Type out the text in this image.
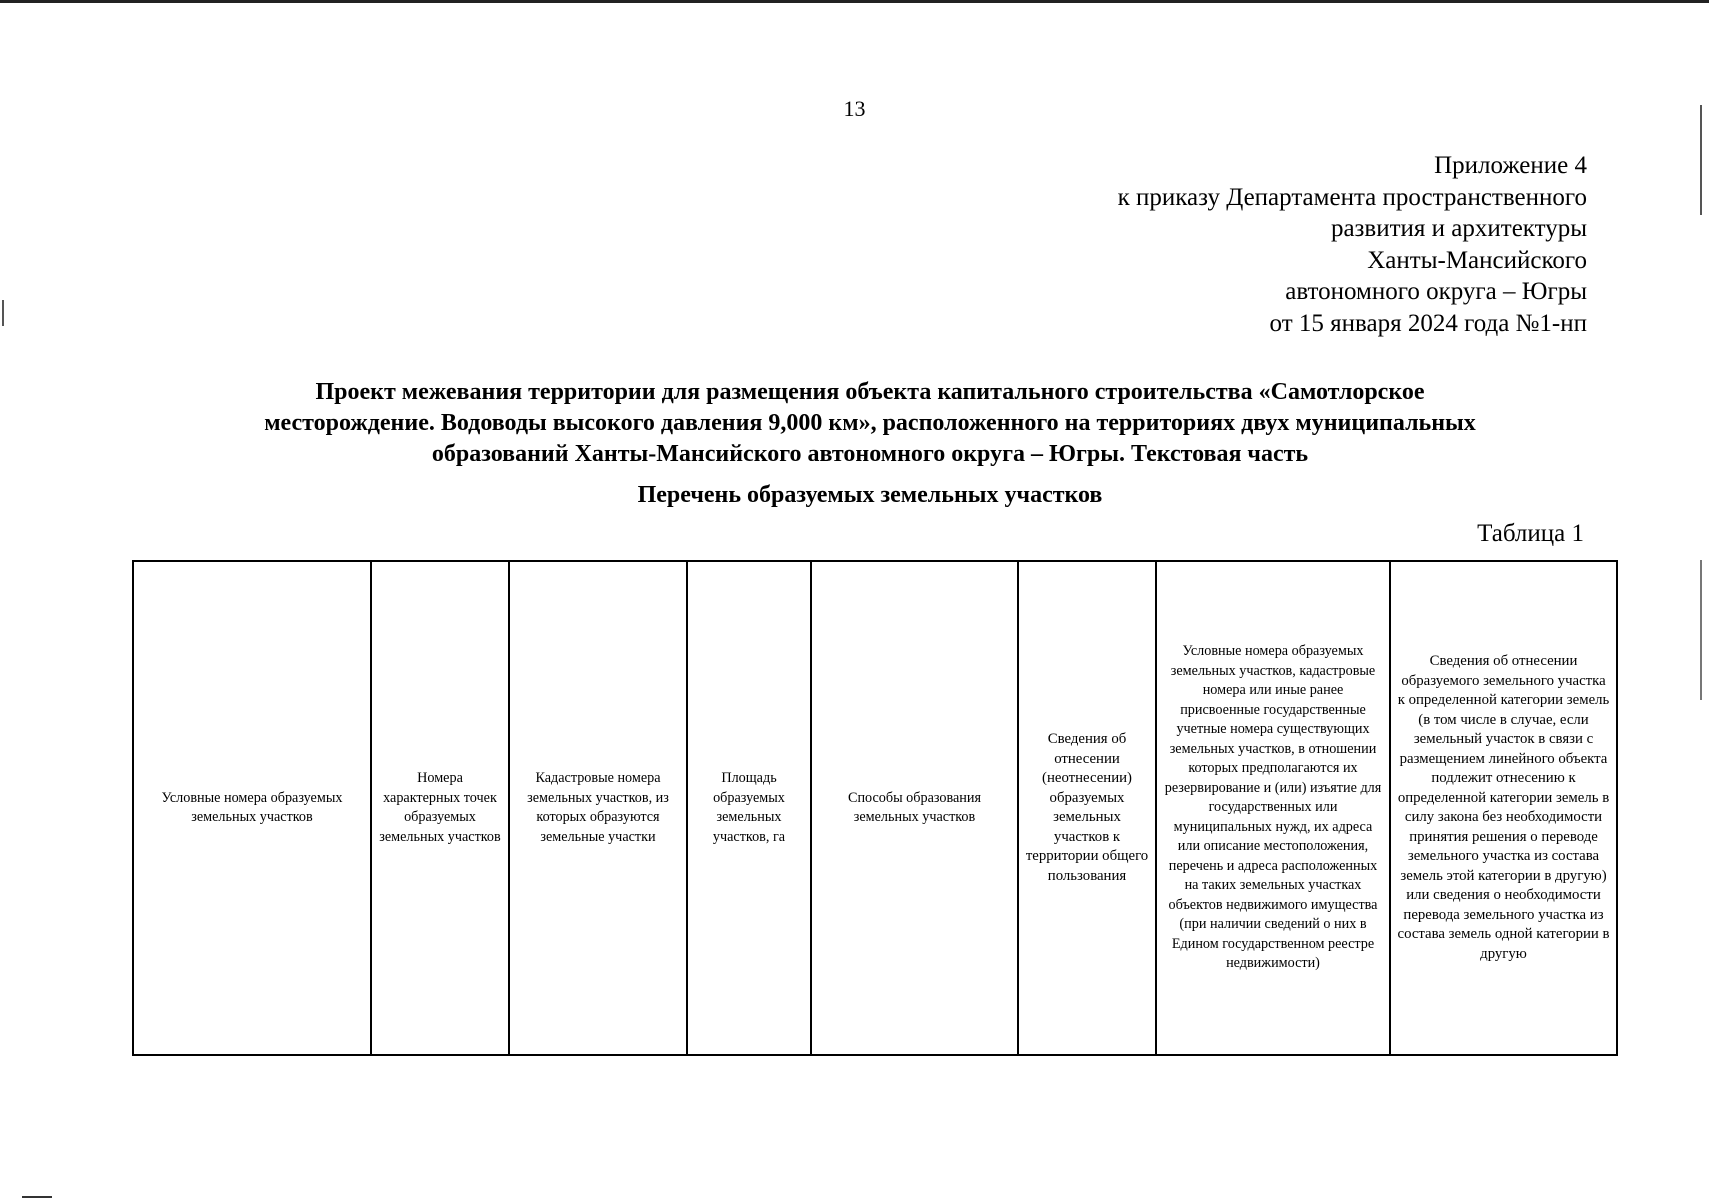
13
Приложение 4
к приказу Департамента пространственного
развития и архитектуры
Ханты-Мансийского
автономного округа – Югры
от 15 января 2024 года №1-нп
Проект межевания территории для размещения объекта капитального строительства «Самотлорское
месторождение. Водоводы высокого давления 9,000 км», расположенного на территориях двух муниципальных
образований Ханты-Мансийского автономного округа – Югры. Текстовая часть
Перечень образуемых земельных участков
Таблица 1
Условные номера образуемых земельных участков	Номера характерных точек образуемых земельных участков	Кадастровые номера земельных участков, из которых образуются земельные участки	Площадь образуемых земельных участков, га	Способы образования земельных участков	Сведения об отнесении (неотнесении) образуемых земельных участков к территории общего пользования	Условные номера образуемых земельных участков, кадастровые номера или иные ранее присвоенные государственные учетные номера существующих земельных участков, в отношении которых предполагаются их резервирование и (или) изъятие для государственных или муниципальных нужд, их адреса или описание местоположения, перечень и адреса расположенных на таких земельных участках объектов недвижимого имущества (при наличии сведений о них в Едином государственном реестре недвижимости)	Сведения об отнесении образуемого земельного участка к определенной категории земель (в том числе в случае, если земельный участок в связи с размещением линейного объекта подлежит отнесению к определенной категории земель в силу закона без необходимости принятия решения о переводе земельного участка из состава земель этой категории в другую) или сведения о необходимости перевода земельного участка из состава земель одной категории в другую
